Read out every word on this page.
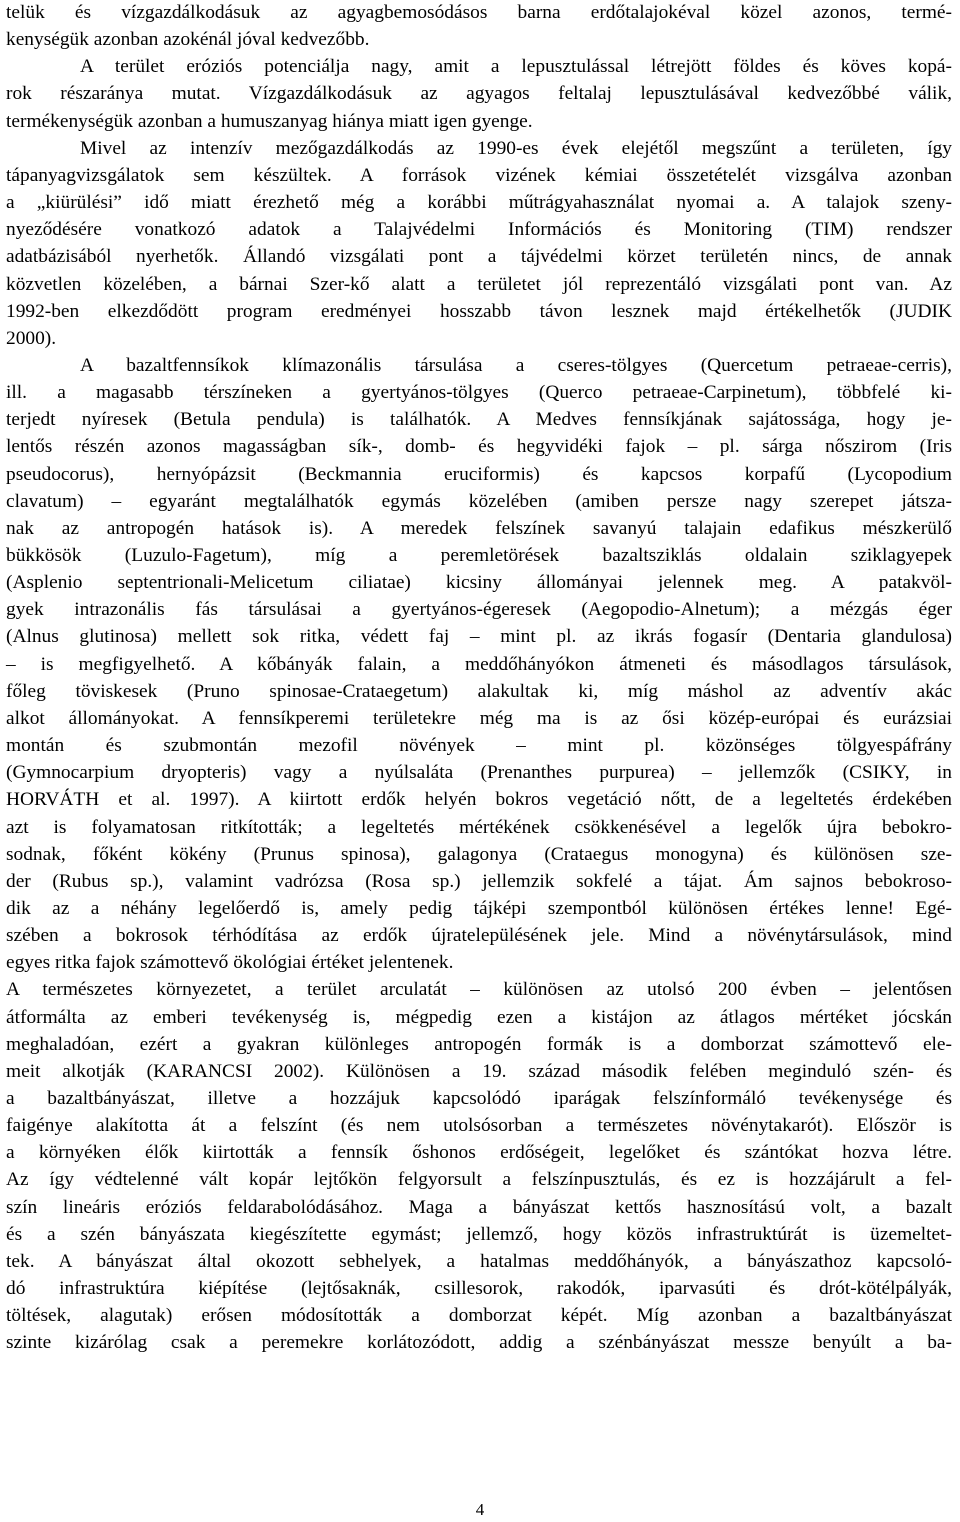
telük és vízgazdálkodásuk az agyagbemosódásos barna erdőtalajokéval közel azonos, termé-
kenységük azonban azokénál jóval kedvezőbb.
A terület eróziós potenciálja nagy, amit a lepusztulással létrejött földes és köves kopá-
rok részaránya mutat. Vízgazdálkodásuk az agyagos feltalaj lepusztulásával kedvezőbbé válik,
termékenységük azonban a humuszanyag hiánya miatt igen gyenge.
Mivel az intenzív mezőgazdálkodás az 1990-es évek elejétől megszűnt a területen, így
tápanyagvizsgálatok sem készültek. A források vizének kémiai összetételét vizsgálva azonban
a „kiürülési” idő miatt érezhető még a korábbi műtrágyahasználat nyomai a. A talajok szeny-
nyeződésére vonatkozó adatok a Talajvédelmi Információs és Monitoring (TIM) rendszer
adatbázisából nyerhetők. Állandó vizsgálati pont a tájvédelmi körzet területén nincs, de annak
közvetlen közelében, a bárnai Szer-kő alatt a területet jól reprezentáló vizsgálati pont van. Az
1992-ben elkezdődött program eredményei hosszabb távon lesznek majd értékelhetők (JUDIK
2000).
A bazaltfennsíkok klímazonális társulása a cseres-tölgyes (Quercetum petraeae-cerris),
ill. a magasabb térszíneken a gyertyános-tölgyes (Querco petraeae-Carpinetum), többfelé ki-
terjedt nyíresek (Betula pendula) is találhatók. A Medves fennsíkjának sajátossága, hogy je-
lentős részén azonos magasságban sík-, domb- és hegyvidéki fajok – pl. sárga nőszirom (Iris
pseudocorus), hernyópázsit (Beckmannia eruciformis) és kapcsos korpafű (Lycopodium
clavatum) – egyaránt megtalálhatók egymás közelében (amiben persze nagy szerepet játsza-
nak az antropogén hatások is). A meredek felszínek savanyú talajain edafikus mészkerülő
bükkösök (Luzulo-Fagetum), míg a peremletörések bazaltsziklás oldalain sziklagyepek
(Asplenio septentrionali-Melicetum ciliatae) kicsiny állományai jelennek meg. A patakvöl-
gyek intrazonális fás társulásai a gyertyános-égeresek (Aegopodio-Alnetum); a mézgás éger
(Alnus glutinosa) mellett sok ritka, védett faj – mint pl. az ikrás fogasír (Dentaria glandulosa)
– is megfigyelhető. A kőbányák falain, a meddőhányókon átmeneti és másodlagos társulások,
főleg töviskesek (Pruno spinosae-Crataegetum) alakultak ki, míg máshol az adventív akác
alkot állományokat. A fennsíkperemi területekre még ma is az ősi közép-európai és eurázsiai
montán és szubmontán mezofil növények – mint pl. közönséges tölgyespáfrány
(Gymnocarpium dryopteris) vagy a nyúlsaláta (Prenanthes purpurea) – jellemzők (CSIKY, in
HORVÁTH et al. 1997). A kiirtott erdők helyén bokros vegetáció nőtt, de a legeltetés érdekében
azt is folyamatosan ritkították; a legeltetés mértékének csökkenésével a legelők újra bebokro-
sodnak, főként kökény (Prunus spinosa), galagonya (Crataegus monogyna) és különösen sze-
der (Rubus sp.), valamint vadrózsa (Rosa sp.) jellemzik sokfelé a tájat. Ám sajnos bebokroso-
dik az a néhány legelőerdő is, amely pedig tájképi szempontból különösen értékes lenne! Egé-
szében a bokrosok térhódítása az erdők újratelepülésének jele. Mind a növénytársulások, mind
egyes ritka fajok számottevő ökológiai értéket jelentenek.
A természetes környezetet, a terület arculatát – különösen az utolsó 200 évben – jelentősen
átformálta az emberi tevékenység is, mégpedig ezen a kistájon az átlagos mértéket jócskán
meghaladóan, ezért a gyakran különleges antropogén formák is a domborzat számottevő ele-
meit alkotják (KARANCSI 2002). Különösen a 19. század második felében meginduló szén- és
a bazaltbányászat, illetve a hozzájuk kapcsolódó iparágak felszínformáló tevékenysége és
faigénye alakította át a felszínt (és nem utolsósorban a természetes növénytakarót). Először is
a környéken élők kiirtották a fennsík őshonos erdőségeit, legelőket és szántókat hozva létre.
Az így védtelenné vált kopár lejtőkön felgyorsult a felszínpusztulás, és ez is hozzájárult a fel-
szín lineáris eróziós feldarabolódásához. Maga a bányászat kettős hasznosítású volt, a bazalt
és a szén bányászata kiegészítette egymást; jellemző, hogy közös infrastruktúrát is üzemeltet-
tek. A bányászat által okozott sebhelyek, a hatalmas meddőhányók, a bányászathoz kapcsoló-
dó infrastruktúra kiépítése (lejtősaknák, csillesorok, rakodók, iparvasúti és drót-kötélpályák,
töltések, alagutak) erősen módosították a domborzat képét. Míg azonban a bazaltbányászat
szinte kizárólag csak a peremekre korlátozódott, addig a szénbányászat messze benyúlt a ba-
4
